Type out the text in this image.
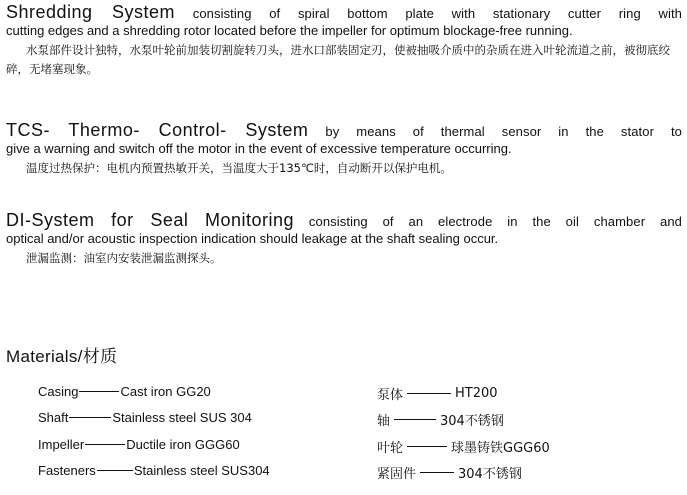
Shredding System consisting of spiral bottom plate with stationary cutter ring with
cutting edges and a shredding rotor located before the impeller for optimum blockage-free running.
水泵部件设计独特，水泵叶轮前加装切割旋转刀头，进水口部装固定刃，使被抽吸介质中的杂质在进入叶轮流道之前，被彻底绞碎，无堵塞现象。
TCS- Thermo- Control- System by means of thermal sensor in the stator to
give a warning and switch off the motor in the event of excessive temperature occurring.
温度过热保护：电机内预置热敏开关，当温度大于135℃时，自动断开以保护电机。
DI-System for Seal Monitoring consisting of an electrode in the oil chamber and
optical and/or acoustic inspection indication should leakage at the shaft sealing occur.
泄漏监测：油室内安装泄漏监测探头。
Materials/材质
Casing	Cast iron GG20
Shaft	Stainless steel SUS 304
Impeller	Ductile iron GGG60
Fasteners	Stainless steel SUS304
泵体	HT200
轴	304不锈钢
叶轮	球墨铸铁GGG60
紧固件	304不锈钢
